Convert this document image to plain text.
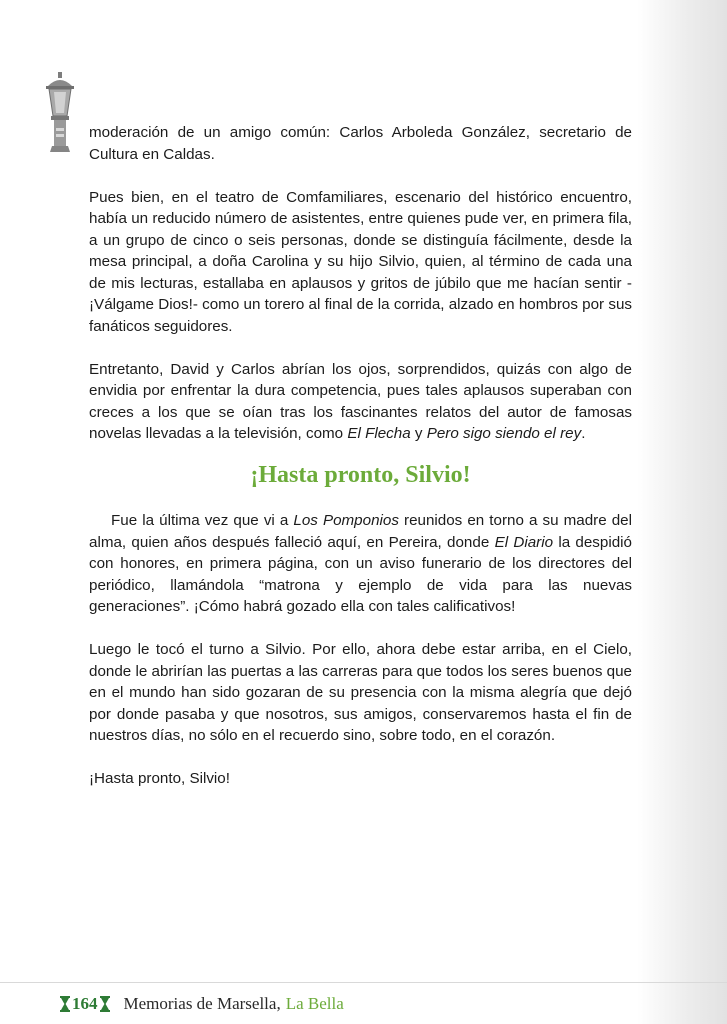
moderación de un amigo común: Carlos Arboleda González, secretario de Cultura en Caldas.

Pues bien, en el teatro de Comfamiliares, escenario del histórico encuentro, había un reducido número de asistentes, entre quienes pude ver, en primera fila, a un grupo de cinco o seis personas, donde se distinguía fácilmente, desde la mesa principal, a doña Carolina y su hijo Silvio, quien, al término de cada una de mis lecturas, estallaba en aplausos y gritos de júbilo que me hacían sentir -¡Válgame Dios!- como un torero al final de la corrida, alzado en hombros por sus fanáticos seguidores.

Entretanto, David y Carlos abrían los ojos, sorprendidos, quizás con algo de envidia por enfrentar la dura competencia, pues tales aplausos superaban con creces a los que se oían tras los fascinantes relatos del autor de famosas novelas llevadas a la televisión, como El Flecha y Pero sigo siendo el rey.

¡Hasta pronto, Silvio!

Fue la última vez que vi a Los Pomponios reunidos en torno a su madre del alma, quien años después falleció aquí, en Pereira, donde El Diario la despidió con honores, en primera página, con un aviso funerario de los directores del periódico, llamándola “matrona y ejemplo de vida para las nuevas generaciones”. ¡Cómo habrá gozado ella con tales calificativos!

Luego le tocó el turno a Silvio. Por ello, ahora debe estar arriba, en el Cielo, donde le abrirían las puertas a las carreras para que todos los seres buenos que en el mundo han sido gozaran de su presencia con la misma alegría que dejó por donde pasaba y que nosotros, sus amigos, conservaremos hasta el fin de nuestros días, no sólo en el recuerdo sino, sobre todo, en el corazón.

¡Hasta pronto, Silvio!

164 Memorias de Marsella, La Bella
